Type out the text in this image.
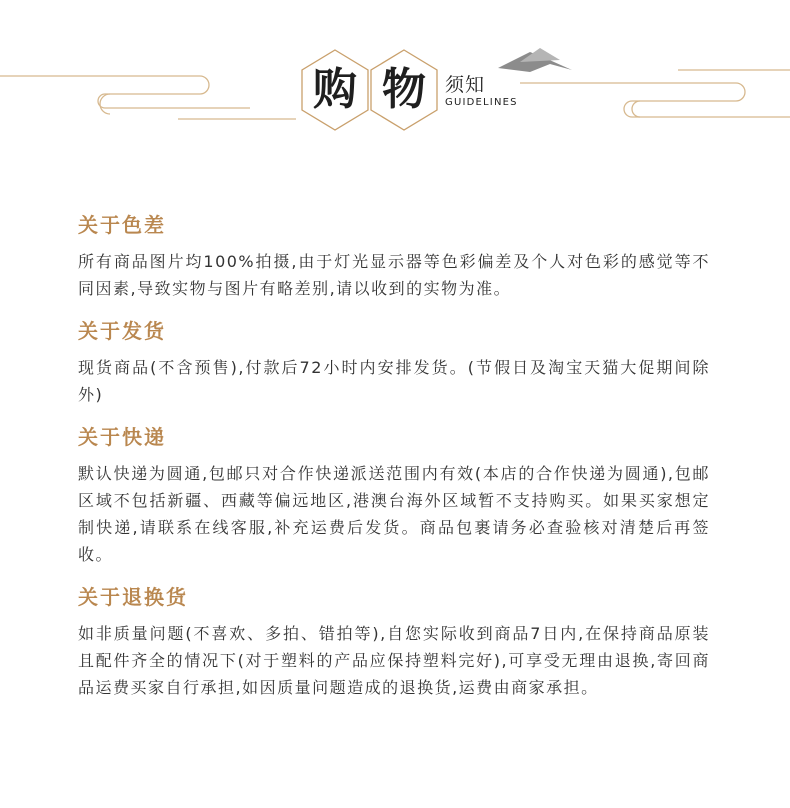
购 物	须知
GUIDELINES
关于色差

所有商品图片均100%拍摄,由于灯光显示器等色彩偏差及个人对色彩的感觉等不同因素,导致实物与图片有略差别,请以收到的实物为准。

关于发货

现货商品(不含预售),付款后72小时内安排发货。(节假日及淘宝天猫大促期间除外)

关于快递

默认快递为圆通,包邮只对合作快递派送范围内有效(本店的合作快递为圆通),包邮区域不包括新疆、西藏等偏远地区,港澳台海外区域暂不支持购买。如果买家想定制快递,请联系在线客服,补充运费后发货。商品包裹请务必查验核对清楚后再签收。

关于退换货

如非质量问题(不喜欢、多拍、错拍等),自您实际收到商品7日内,在保持商品原装且配件齐全的情况下(对于塑料的产品应保持塑料完好),可享受无理由退换,寄回商品运费买家自行承担,如因质量问题造成的退换货,运费由商家承担。
